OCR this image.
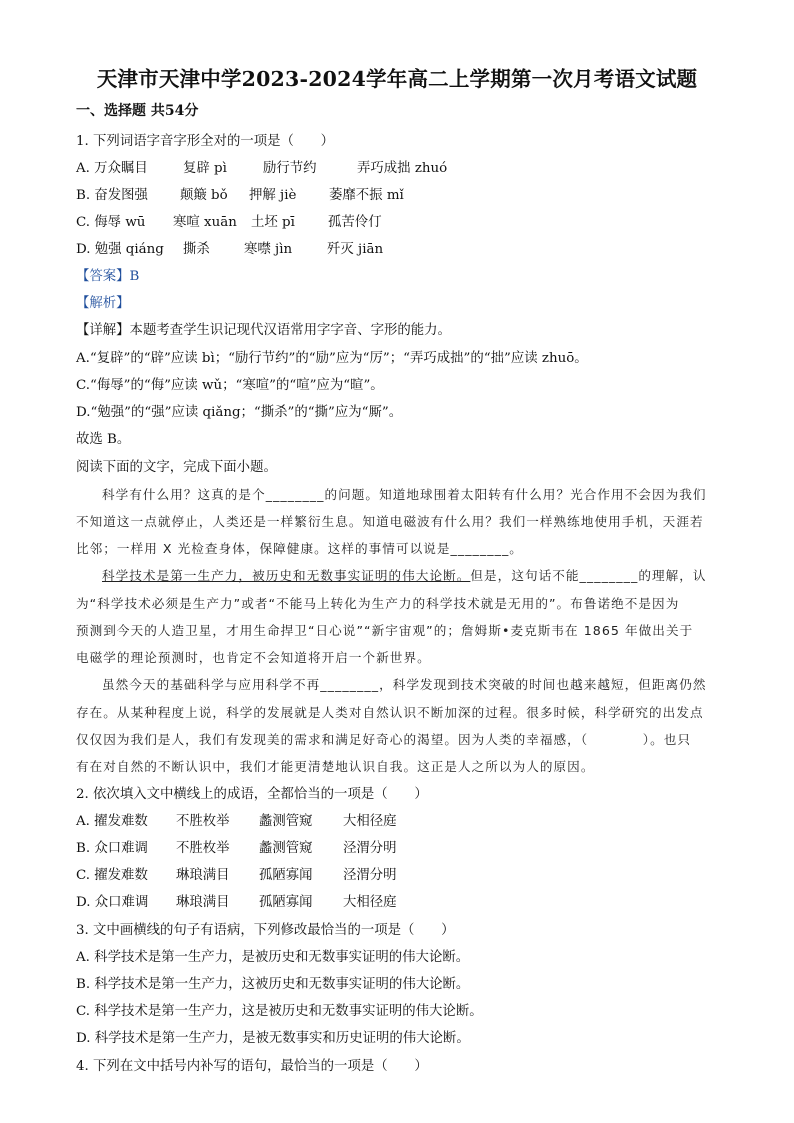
天津市天津中学2023-2024学年高二上学期第一次月考语文试题
一、选择题 共54分
1. 下列词语字音字形全对的一项是（　　）
A. 万众瞩目	复辟 pì	励行节约	弄巧成拙 zhuó
B. 奋发图强 颠簸 bǒ 押解 jiè 萎靡不振 mǐ
C. 侮辱 wū 寒喧 xuān 土坯 pī 孤苦伶仃
D. 勉强 qiáng 撕杀	寒噤 jìn	歼灭 jiān
【答案】B
【解析】
【详解】本题考查学生识记现代汉语常用字字音、字形的能力。
A.“复辟”的“辟”应读 bì；“励行节约”的“励”应为“厉”；“弄巧成拙”的“拙”应读 zhuō。
C.“侮辱”的“侮”应读 wǔ；“寒喧”的“喧”应为“暄”。
D.“勉强”的“强”应读 qiǎng；“撕杀”的“撕”应为“厮”。
故选 B。
阅读下面的文字，完成下面小题。
科学有什么用？这真的是个________的问题。知道地球围着太阳转有什么用？光合作用不会因为我们
不知道这一点就停止，人类还是一样繁衍生息。知道电磁波有什么用？我们一样熟练地使用手机，天涯若
比邻；一样用 X 光检查身体，保障健康。这样的事情可以说是________。
科学技术是第一生产力，被历史和无数事实证明的伟大论断。但是，这句话不能________的理解，认
为“科学技术必须是生产力”或者“不能马上转化为生产力的科学技术就是无用的”。布鲁诺绝不是因为
预测到今天的人造卫星，才用生命捍卫“日心说”“新宇宙观”的；詹姆斯•麦克斯韦在 1865 年做出关于
电磁学的理论预测时，也肯定不会知道将开启一个新世界。
虽然今天的基础科学与应用科学不再________，科学发现到技术突破的时间也越来越短，但距离仍然
存在。从某种程度上说，科学的发展就是人类对自然认识不断加深的过程。很多时候，科学研究的出发点
仅仅因为我们是人，我们有发现美的需求和满足好奇心的渴望。因为人类的幸福感，（　　　　）。也只
有在对自然的不断认识中，我们才能更清楚地认识自我。这正是人之所以为人的原因。
2. 依次填入文中横线上的成语，全都恰当的一项是（　　）
A. 擢发难数 不胜枚举 蠡测管窥 大相径庭
B. 众口难调 不胜枚举 蠡测管窥 泾渭分明
C. 擢发难数 琳琅满目 孤陋寡闻 泾渭分明
D. 众口难调 琳琅满目 孤陋寡闻 大相径庭
3. 文中画横线的句子有语病，下列修改最恰当的一项是（　　）
A. 科学技术是第一生产力，是被历史和无数事实证明的伟大论断。
B. 科学技术是第一生产力，这被历史和无数事实证明的伟大论断。
C. 科学技术是第一生产力，这是被历史和无数事实证明的伟大论断。
D. 科学技术是第一生产力，是被无数事实和历史证明的伟大论断。
4. 下列在文中括号内补写的语句，最恰当的一项是（　　）
